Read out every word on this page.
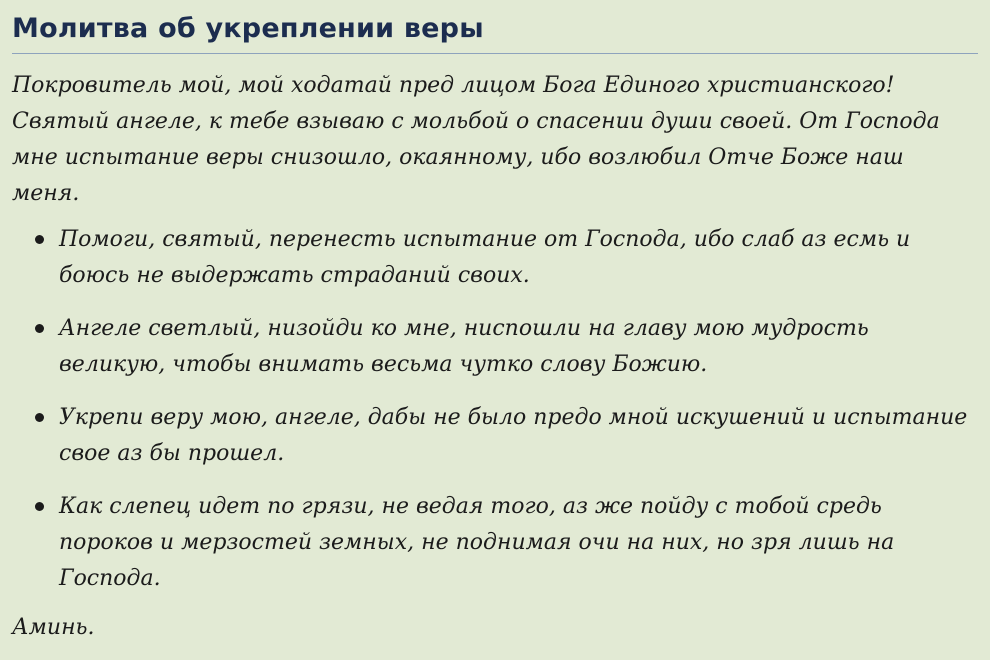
Молитва об укреплении веры

Покровитель мой, мой ходатай пред лицом Бога Единого христианского! Святый ангеле, к тебе взываю с мольбой о спасении души своей. От Господа мне испытание веры снизошло, окаянному, ибо возлюбил Отче Боже наш меня.

Помоги, святый, перенесть испытание от Господа, ибо слаб аз есмь и боюсь не выдержать страданий своих.
Ангеле светлый, низойди ко мне, ниспошли на главу мою мудрость великую, чтобы внимать весьма чутко слову Божию.
Укрепи веру мою, ангеле, дабы не было предо мной искушений и испытание свое аз бы прошел.
Как слепец идет по грязи, не ведая того, аз же пойду с тобой средь пороков и мерзостей земных, не поднимая очи на них, но зря лишь на Господа.

Аминь.
